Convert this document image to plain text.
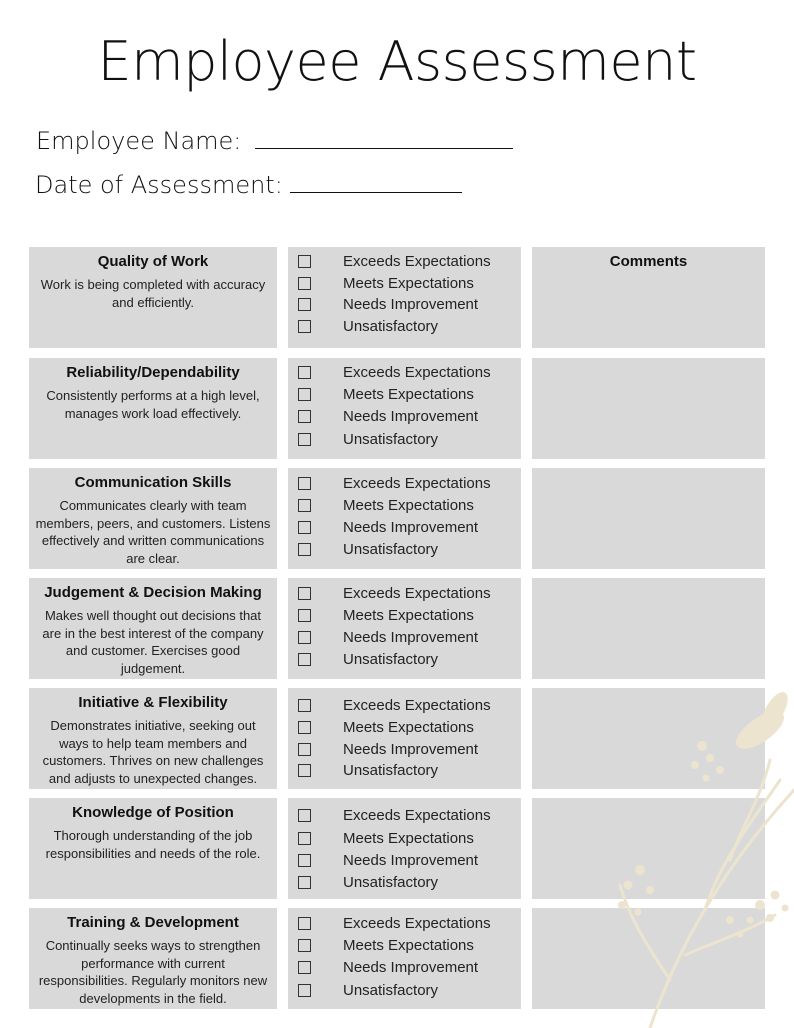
Employee Assessment
Employee Name:
Date of Assessment:
Quality of Work
Work is being completed with accuracy and efficiently.
Exceeds Expectations
Meets Expectations
Needs Improvement
Unsatisfactory
Comments
Reliability/Dependability
Consistently performs at a high level, manages work load effectively.
Exceeds Expectations
Meets Expectations
Needs Improvement
Unsatisfactory
Communication Skills
Communicates clearly with team members, peers, and customers. Listens effectively and written communications are clear.
Exceeds Expectations
Meets Expectations
Needs Improvement
Unsatisfactory
Judgement & Decision Making
Makes well thought out decisions that are in the best interest of the company and customer. Exercises good judgement.
Exceeds Expectations
Meets Expectations
Needs Improvement
Unsatisfactory
Initiative & Flexibility
Demonstrates initiative, seeking out ways to help team members and customers. Thrives on new challenges and adjusts to unexpected changes.
Exceeds Expectations
Meets Expectations
Needs Improvement
Unsatisfactory
Knowledge of Position
Thorough understanding of the job responsibilities and needs of the role.
Exceeds Expectations
Meets Expectations
Needs Improvement
Unsatisfactory
Training & Development
Continually seeks ways to strengthen performance with current responsibilities. Regularly monitors new developments in the field.
Exceeds Expectations
Meets Expectations
Needs Improvement
Unsatisfactory
